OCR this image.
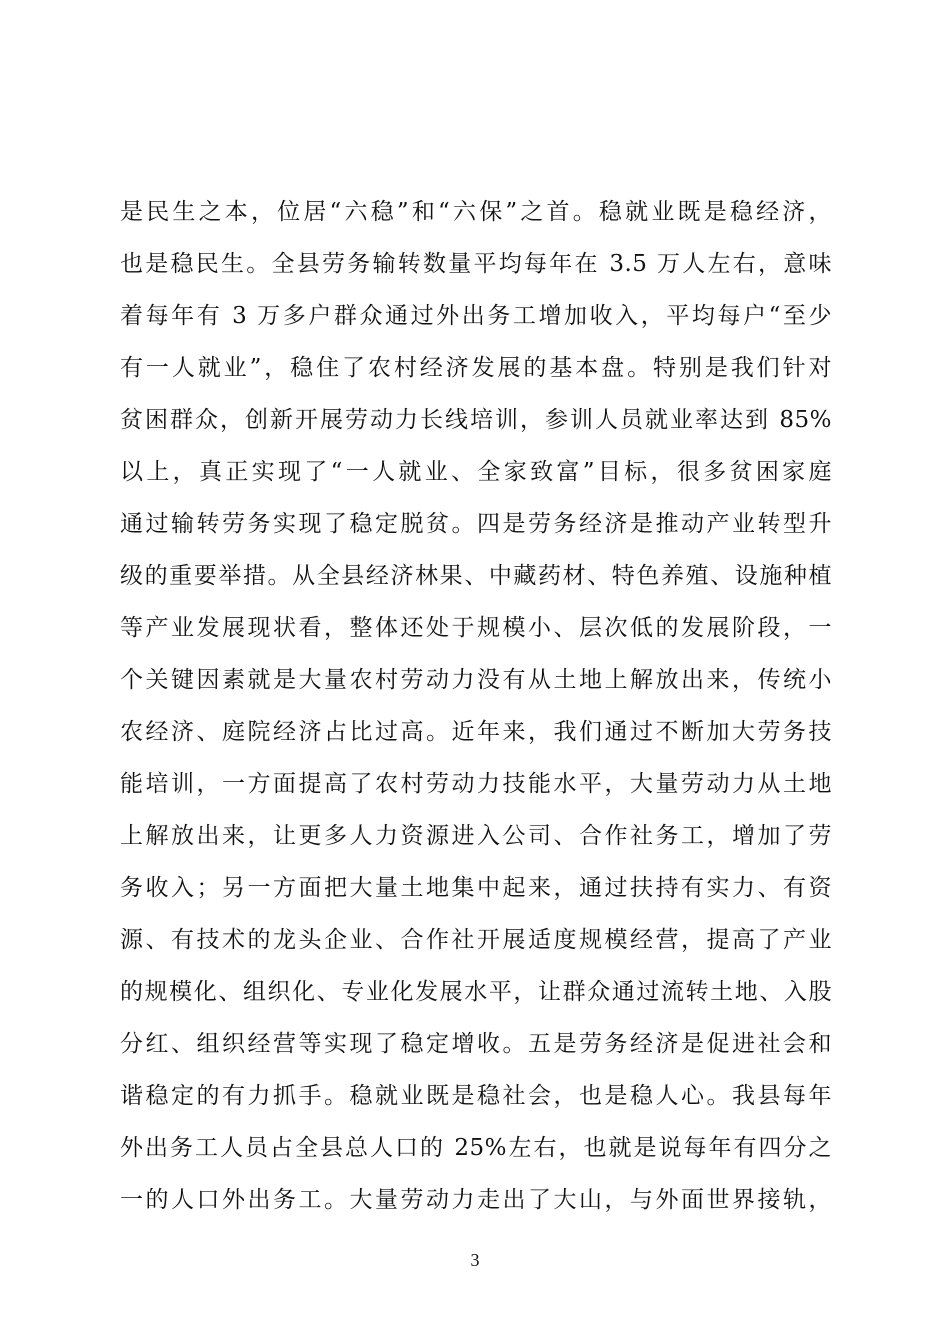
是民生之本，位居“六稳”和“六保”之首。稳就业既是稳经济，
也是稳民生。全县劳务输转数量平均每年在 3.5 万人左右，意味
着每年有 3 万多户群众通过外出务工增加收入，平均每户“至少
有一人就业”，稳住了农村经济发展的基本盘。特别是我们针对
贫困群众，创新开展劳动力长线培训，参训人员就业率达到 85%
以上，真正实现了“一人就业、全家致富”目标，很多贫困家庭
通过输转劳务实现了稳定脱贫。四是劳务经济是推动产业转型升
级的重要举措。从全县经济林果、中藏药材、特色养殖、设施种植
等产业发展现状看，整体还处于规模小、层次低的发展阶段，一
个关键因素就是大量农村劳动力没有从土地上解放出来，传统小
农经济、庭院经济占比过高。近年来，我们通过不断加大劳务技
能培训，一方面提高了农村劳动力技能水平，大量劳动力从土地
上解放出来，让更多人力资源进入公司、合作社务工，增加了劳
务收入；另一方面把大量土地集中起来，通过扶持有实力、有资
源、有技术的龙头企业、合作社开展适度规模经营，提高了产业
的规模化、组织化、专业化发展水平，让群众通过流转土地、入股
分红、组织经营等实现了稳定增收。五是劳务经济是促进社会和
谐稳定的有力抓手。稳就业既是稳社会，也是稳人心。我县每年
外出务工人员占全县总人口的 25%左右，也就是说每年有四分之
一的人口外出务工。大量劳动力走出了大山，与外面世界接轨，
3
